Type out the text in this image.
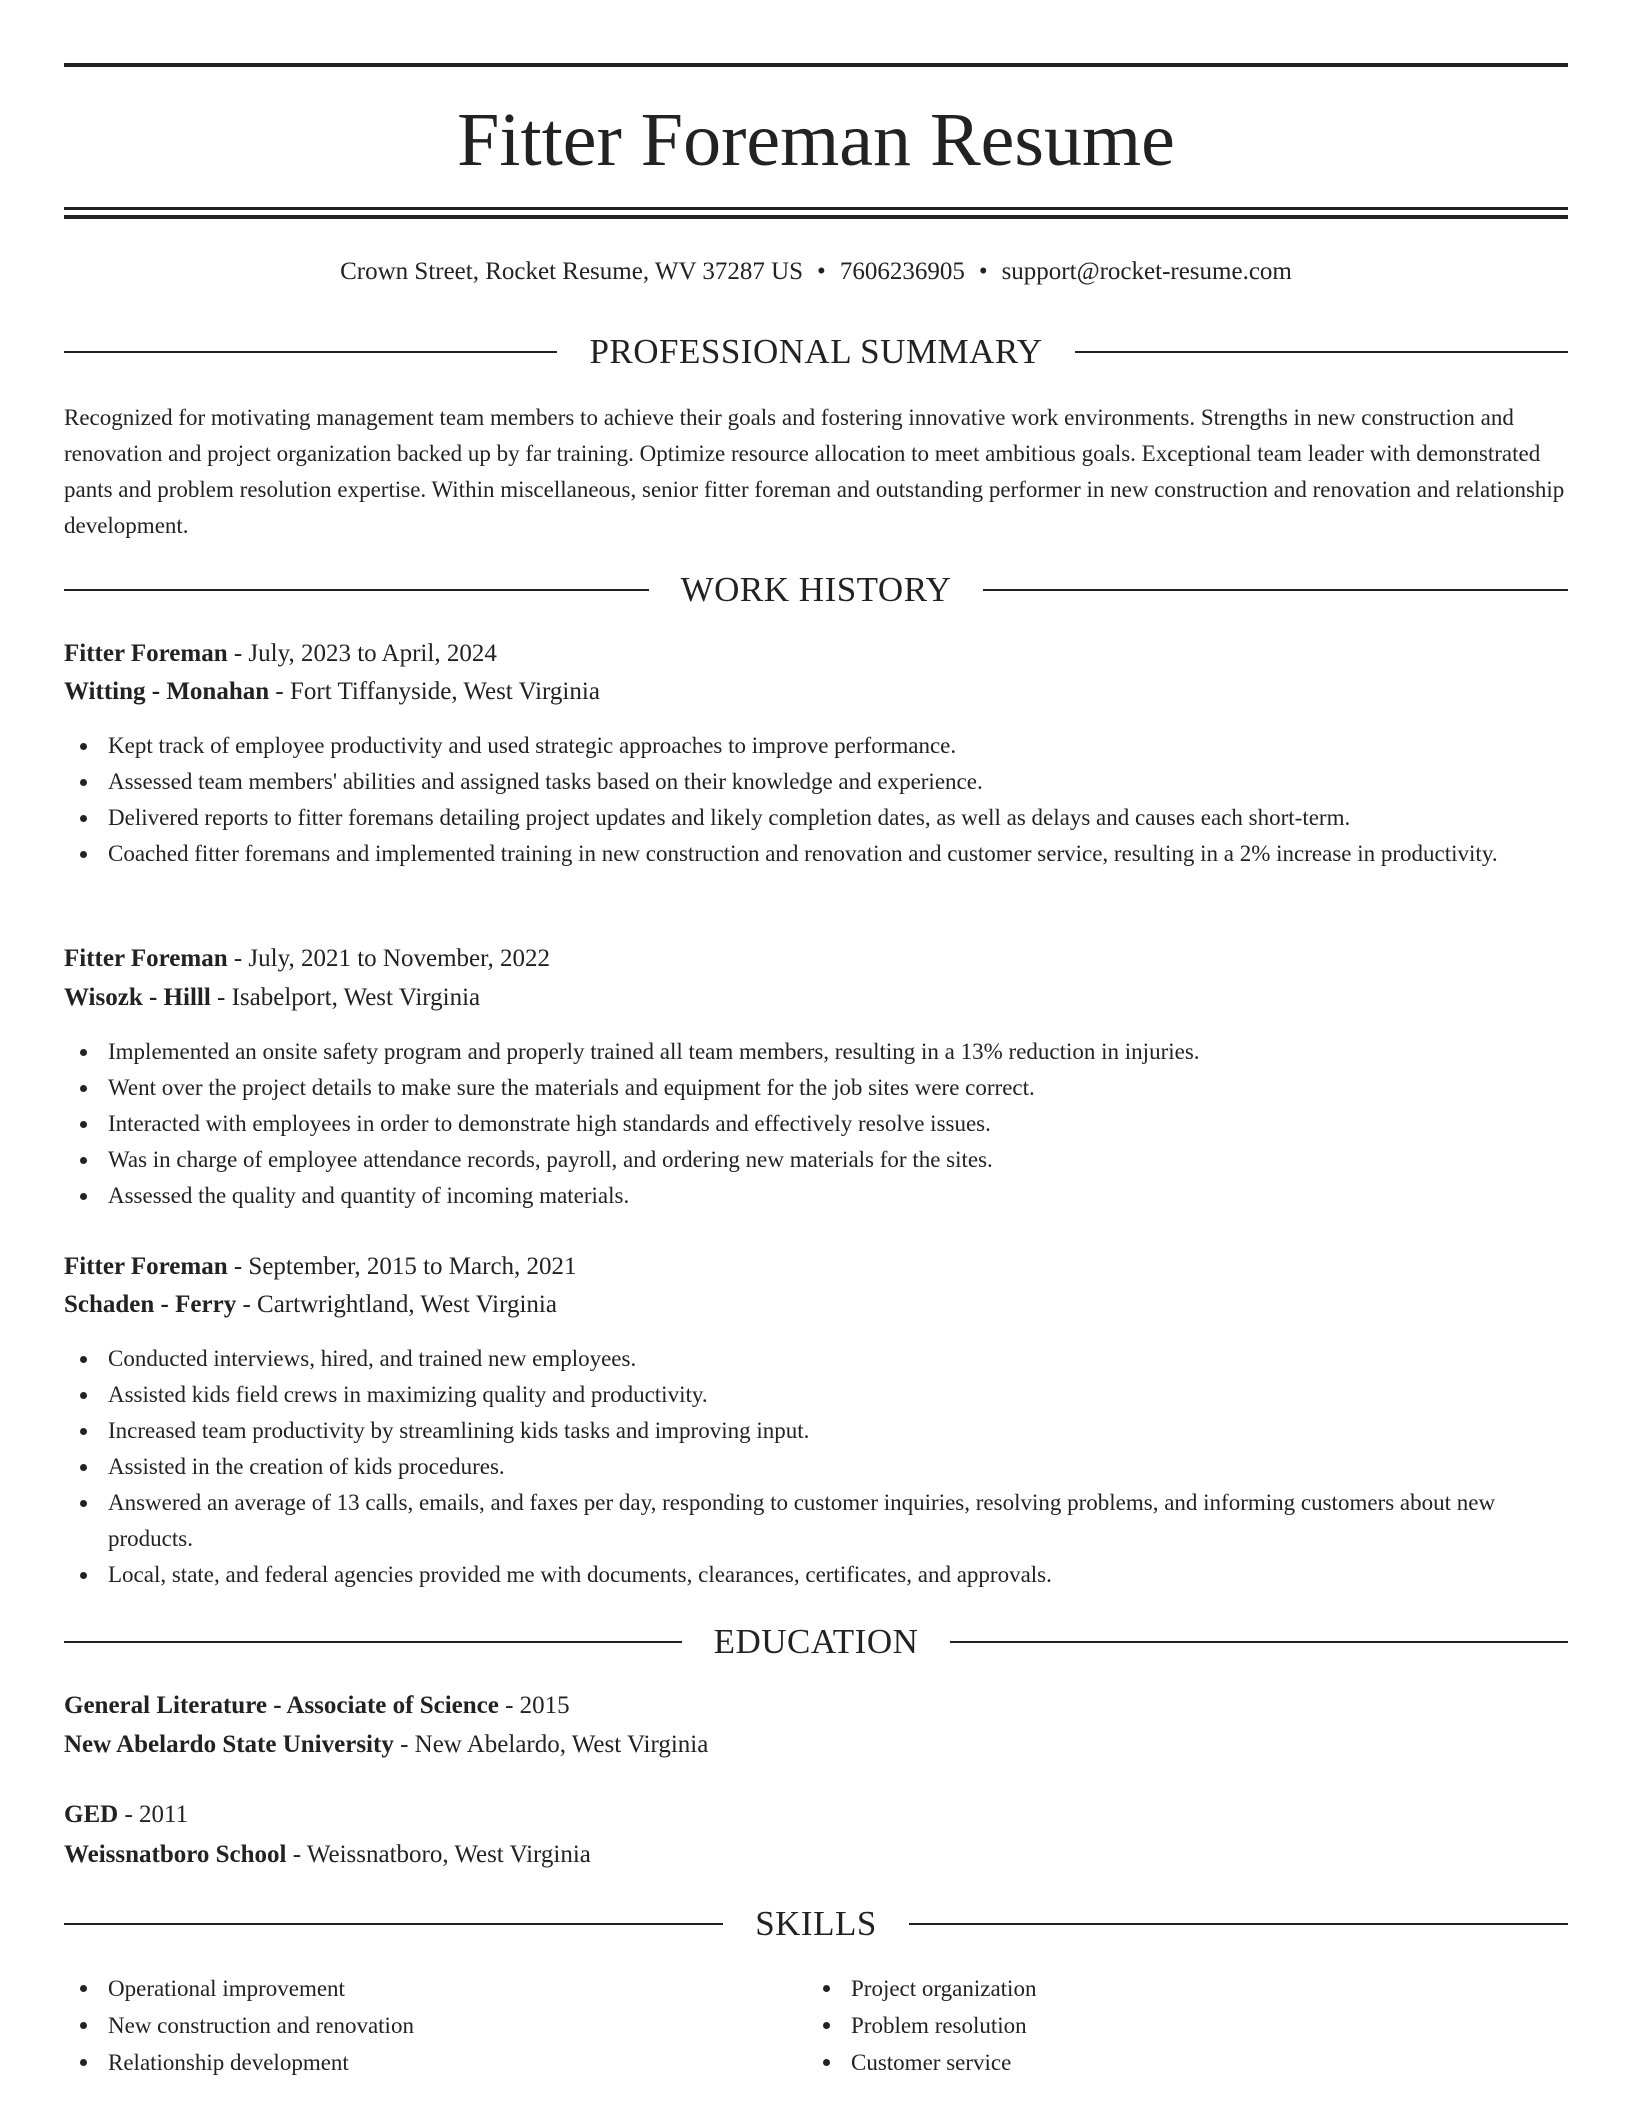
Fitter Foreman Resume
Crown Street, Rocket Resume, WV 37287 US • 7606236905 • support@rocket-resume.com
PROFESSIONAL SUMMARY

Recognized for motivating management team members to achieve their goals and fostering innovative work environments. Strengths in new construction and renovation and project organization backed up by far training. Optimize resource allocation to meet ambitious goals. Exceptional team leader with demonstrated pants and problem resolution expertise. Within miscellaneous, senior fitter foreman and outstanding performer in new construction and renovation and relationship development.

WORK HISTORY
Fitter Foreman - July, 2023 to April, 2024
Witting - Monahan - Fort Tiffanyside, West Virginia
Kept track of employee productivity and used strategic approaches to improve performance.
Assessed team members' abilities and assigned tasks based on their knowledge and experience.
Delivered reports to fitter foremans detailing project updates and likely completion dates, as well as delays and causes each short-term.
Coached fitter foremans and implemented training in new construction and renovation and customer service, resulting in a 2% increase in productivity.
Fitter Foreman - July, 2021 to November, 2022
Wisozk - Hilll - Isabelport, West Virginia
Implemented an onsite safety program and properly trained all team members, resulting in a 13% reduction in injuries.
Went over the project details to make sure the materials and equipment for the job sites were correct.
Interacted with employees in order to demonstrate high standards and effectively resolve issues.
Was in charge of employee attendance records, payroll, and ordering new materials for the sites.
Assessed the quality and quantity of incoming materials.
Fitter Foreman - September, 2015 to March, 2021
Schaden - Ferry - Cartwrightland, West Virginia
Conducted interviews, hired, and trained new employees.
Assisted kids field crews in maximizing quality and productivity.
Increased team productivity by streamlining kids tasks and improving input.
Assisted in the creation of kids procedures.
Answered an average of 13 calls, emails, and faxes per day, responding to customer inquiries, resolving problems, and informing customers about new products.
Local, state, and federal agencies provided me with documents, clearances, certificates, and approvals.
EDUCATION
General Literature - Associate of Science - 2015
New Abelardo State University - New Abelardo, West Virginia
GED - 2011
Weissnatboro School - Weissnatboro, West Virginia
SKILLS
Operational improvement
New construction and renovation
Relationship development
Project organization
Problem resolution
Customer service
